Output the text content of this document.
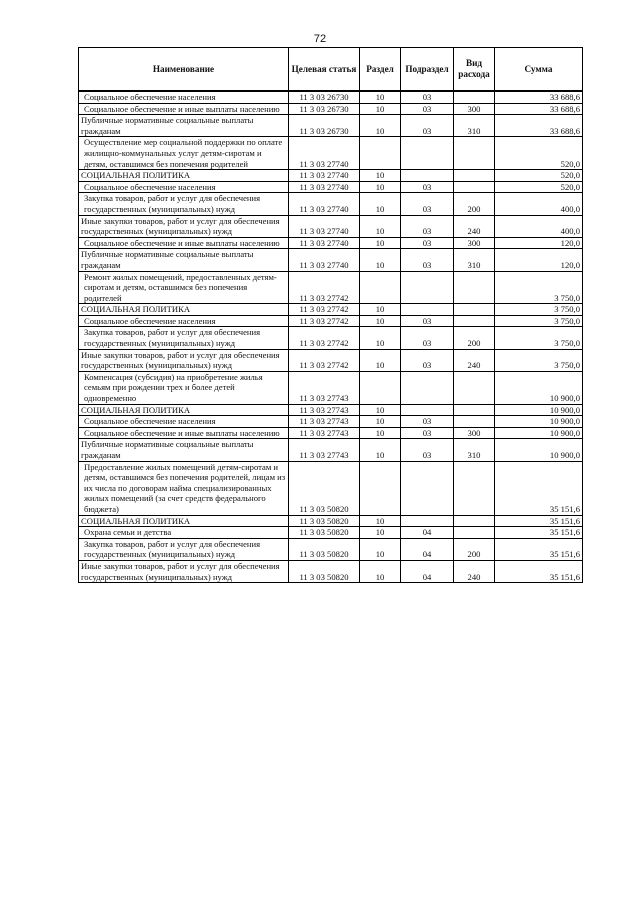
72
Наименование	Целевая статья	Раздел	Подраздел	Вид расхода	Сумма
Социальное обеспечение населения	11 3 03 26730	10	03		33 688,6
Социальное обеспечение и иные выплаты населению	11 3 03 26730	10	03	300	33 688,6
Публичные нормативные социальные выплаты гражданам	11 3 03 26730	10	03	310	33 688,6
Осуществление мер социальной поддержки по оплате жилищно-коммунальных услуг детям-сиротам и детям, оставшимся без попечения родителей	11 3 03 27740				520,0
СОЦИАЛЬНАЯ ПОЛИТИКА	11 3 03 27740	10			520,0
Социальное обеспечение населения	11 3 03 27740	10	03		520,0
Закупка товаров, работ и услуг для обеспечения государственных (муниципальных) нужд	11 3 03 27740	10	03	200	400,0
Иные закупки товаров, работ и услуг для обеспечения государственных (муниципальных) нужд	11 3 03 27740	10	03	240	400,0
Социальное обеспечение и иные выплаты населению	11 3 03 27740	10	03	300	120,0
Публичные нормативные социальные выплаты гражданам	11 3 03 27740	10	03	310	120,0
Ремонт жилых помещений, предоставленных детям-сиротам и детям, оставшимся без попечения родителей	11 3 03 27742				3 750,0
СОЦИАЛЬНАЯ ПОЛИТИКА	11 3 03 27742	10			3 750,0
Социальное обеспечение населения	11 3 03 27742	10	03		3 750,0
Закупка товаров, работ и услуг для обеспечения государственных (муниципальных) нужд	11 3 03 27742	10	03	200	3 750,0
Иные закупки товаров, работ и услуг для обеспечения государственных (муниципальных) нужд	11 3 03 27742	10	03	240	3 750,0
Компенсация (субсидия) на приобретение жилья семьям при рождении трех и более детей одновременно	11 3 03 27743				10 900,0
СОЦИАЛЬНАЯ ПОЛИТИКА	11 3 03 27743	10			10 900,0
Социальное обеспечение населения	11 3 03 27743	10	03		10 900,0
Социальное обеспечение и иные выплаты населению	11 3 03 27743	10	03	300	10 900,0
Публичные нормативные социальные выплаты гражданам	11 3 03 27743	10	03	310	10 900,0
Предоставление жилых помещений детям-сиротам и детям, оставшимся без попечения родителей, лицам из их числа по договорам найма специализированных жилых помещений (за счет средств федерального бюджета)	11 3 03 50820				35 151,6
СОЦИАЛЬНАЯ ПОЛИТИКА	11 3 03 50820	10			35 151,6
Охрана семьи и детства	11 3 03 50820	10	04		35 151,6
Закупка товаров, работ и услуг для обеспечения государственных (муниципальных) нужд	11 3 03 50820	10	04	200	35 151,6
Иные закупки товаров, работ и услуг для обеспечения государственных (муниципальных) нужд	11 3 03 50820	10	04	240	35 151,6
